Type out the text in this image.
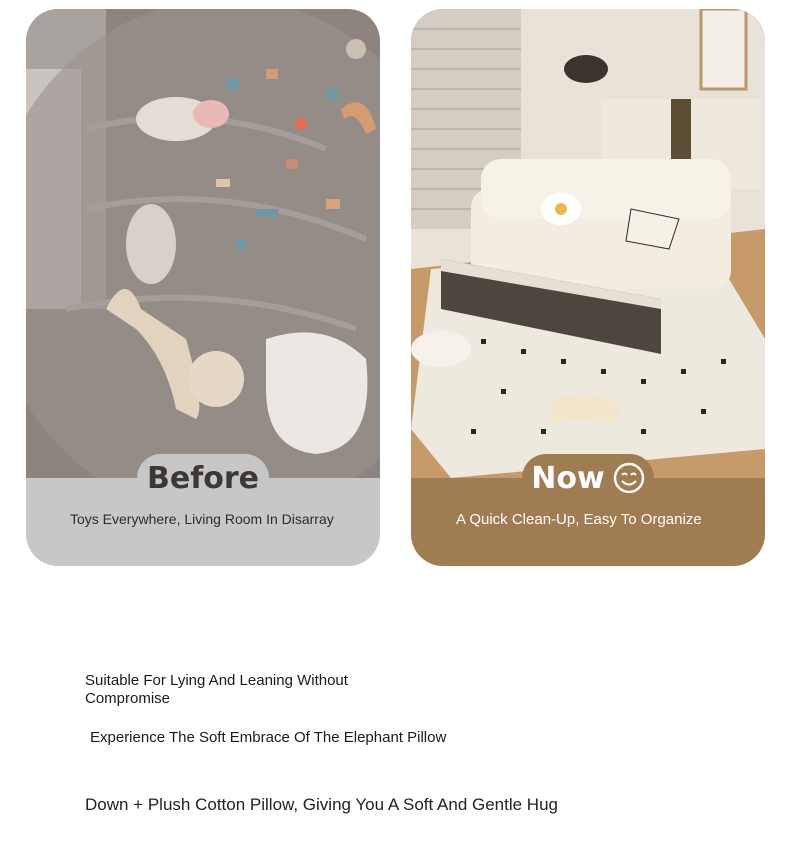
Before
Toys Everywhere, Living Room In Disarray
Now
A Quick Clean-Up, Easy To Organize
Suitable For Lying And Leaning Without Compromise
Experience The Soft Embrace Of The Elephant Pillow
Down + Plush Cotton Pillow, Giving You A Soft And Gentle Hug
